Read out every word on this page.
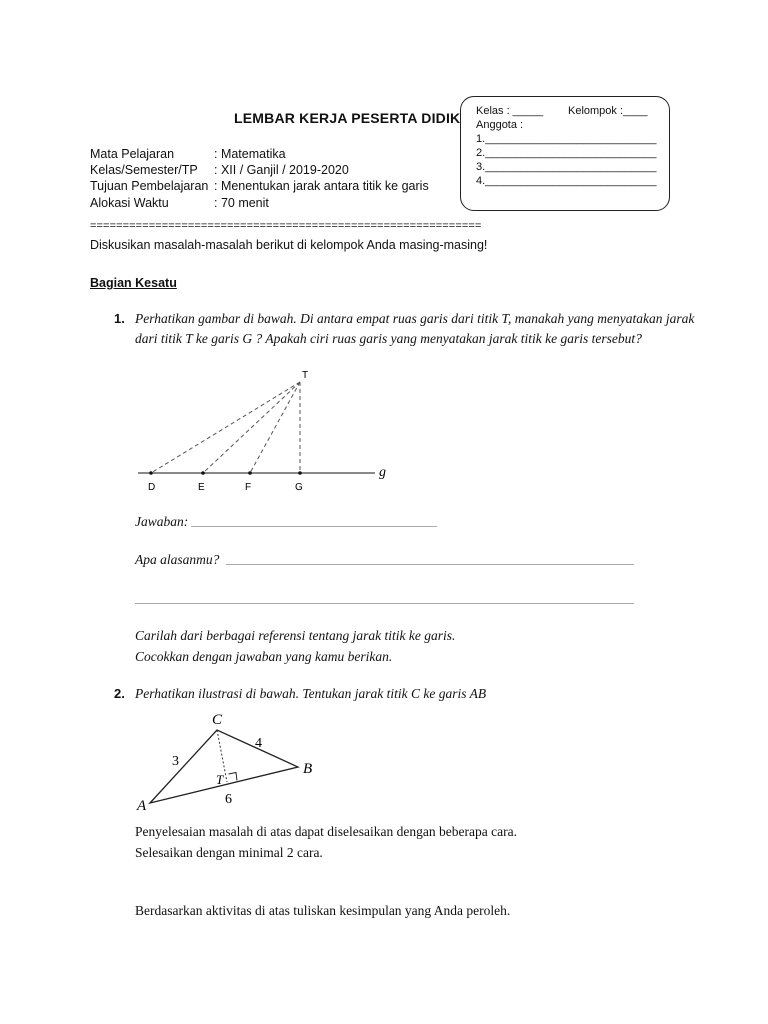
LEMBAR KERJA PESERTA DIDIK Kelas : _____	Kelompok :____
Anggota :
1.____________________________
2.____________________________
3.____________________________
4.____________________________
Mata Pelajaran	: Matematika
Kelas/Semester/TP	: XII / Ganjil / 2019-2020
Tujuan Pembelajaran : Menentukan jarak antara titik ke garis
Alokasi Waktu	: 70 menit
============================================================
Diskusikan masalah-masalah berikut di kelompok Anda masing-masing!
Bagian Kesatu
1. Perhatikan gambar di bawah. Di antara empat ruas garis dari titik T, manakah yang menyatakan jarak dari titik T ke garis G ? Apakah ciri ruas garis yang menyatakan jarak titik ke garis tersebut?
T
g
D	E	F	G
Jawaban:
Apa alasanmu?
Carilah dari berbagai referensi tentang jarak titik ke garis.
Cocokkan dengan jawaban yang kamu berikan.
2. Perhatikan ilustrasi di bawah. Tentukan jarak titik C ke garis AB
C
B
A
T
3
4
6
Penyelesaian masalah di atas dapat diselesaikan dengan beberapa cara.
Selesaikan dengan minimal 2 cara.
Berdasarkan aktivitas di atas tuliskan kesimpulan yang Anda peroleh.
